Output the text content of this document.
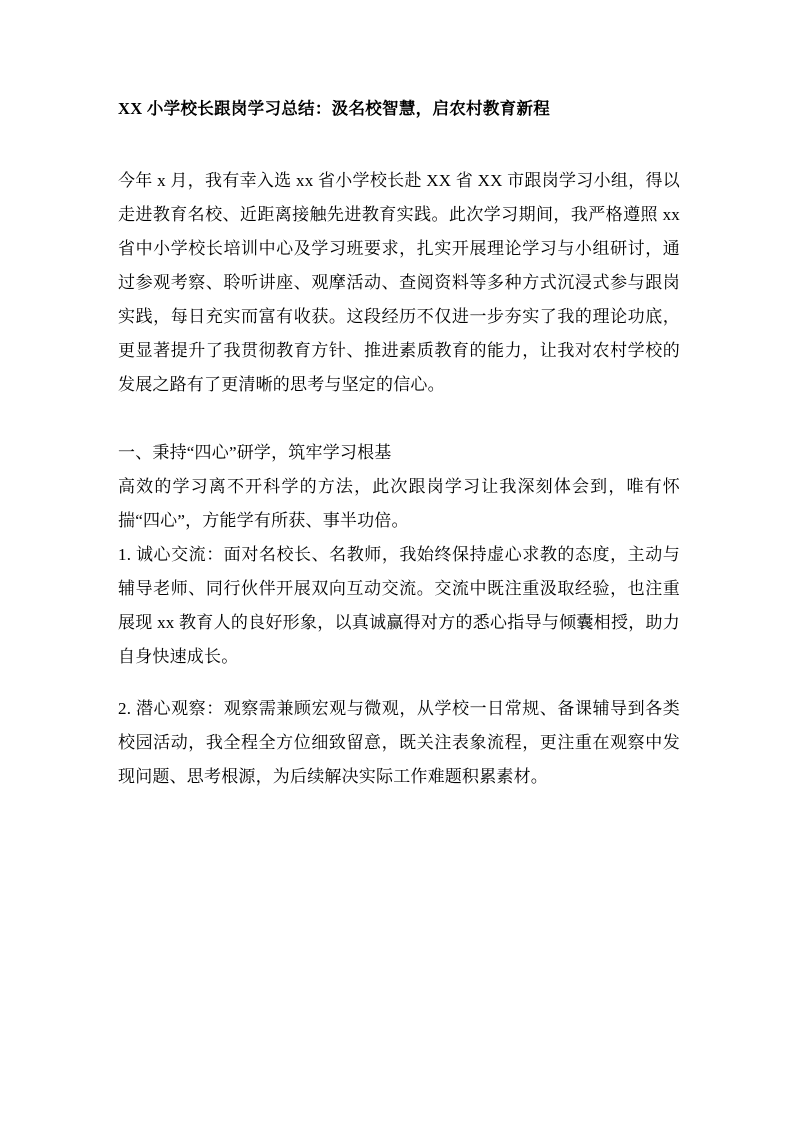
XX 小学校长跟岗学习总结：汲名校智慧，启农村教育新程

今年 x 月，我有幸入选 xx 省小学校长赴 XX 省 XX 市跟岗学习小组，得以走进教育名校、近距离接触先进教育实践。此次学习期间，我严格遵照 xx 省中小学校长培训中心及学习班要求，扎实开展理论学习与小组研讨，通过参观考察、聆听讲座、观摩活动、查阅资料等多种方式沉浸式参与跟岗实践，每日充实而富有收获。这段经历不仅进一步夯实了我的理论功底，更显著提升了我贯彻教育方针、推进素质教育的能力，让我对农村学校的发展之路有了更清晰的思考与坚定的信心。

一、秉持“四心”研学，筑牢学习根基

高效的学习离不开科学的方法，此次跟岗学习让我深刻体会到，唯有怀揣“四心”，方能学有所获、事半功倍。

1. 诚心交流：面对名校长、名教师，我始终保持虚心求教的态度，主动与辅导老师、同行伙伴开展双向互动交流。交流中既注重汲取经验，也注重展现 xx 教育人的良好形象，以真诚赢得对方的悉心指导与倾囊相授，助力自身快速成长。

2. 潜心观察：观察需兼顾宏观与微观，从学校一日常规、备课辅导到各类校园活动，我全程全方位细致留意，既关注表象流程，更注重在观察中发现问题、思考根源，为后续解决实际工作难题积累素材。
